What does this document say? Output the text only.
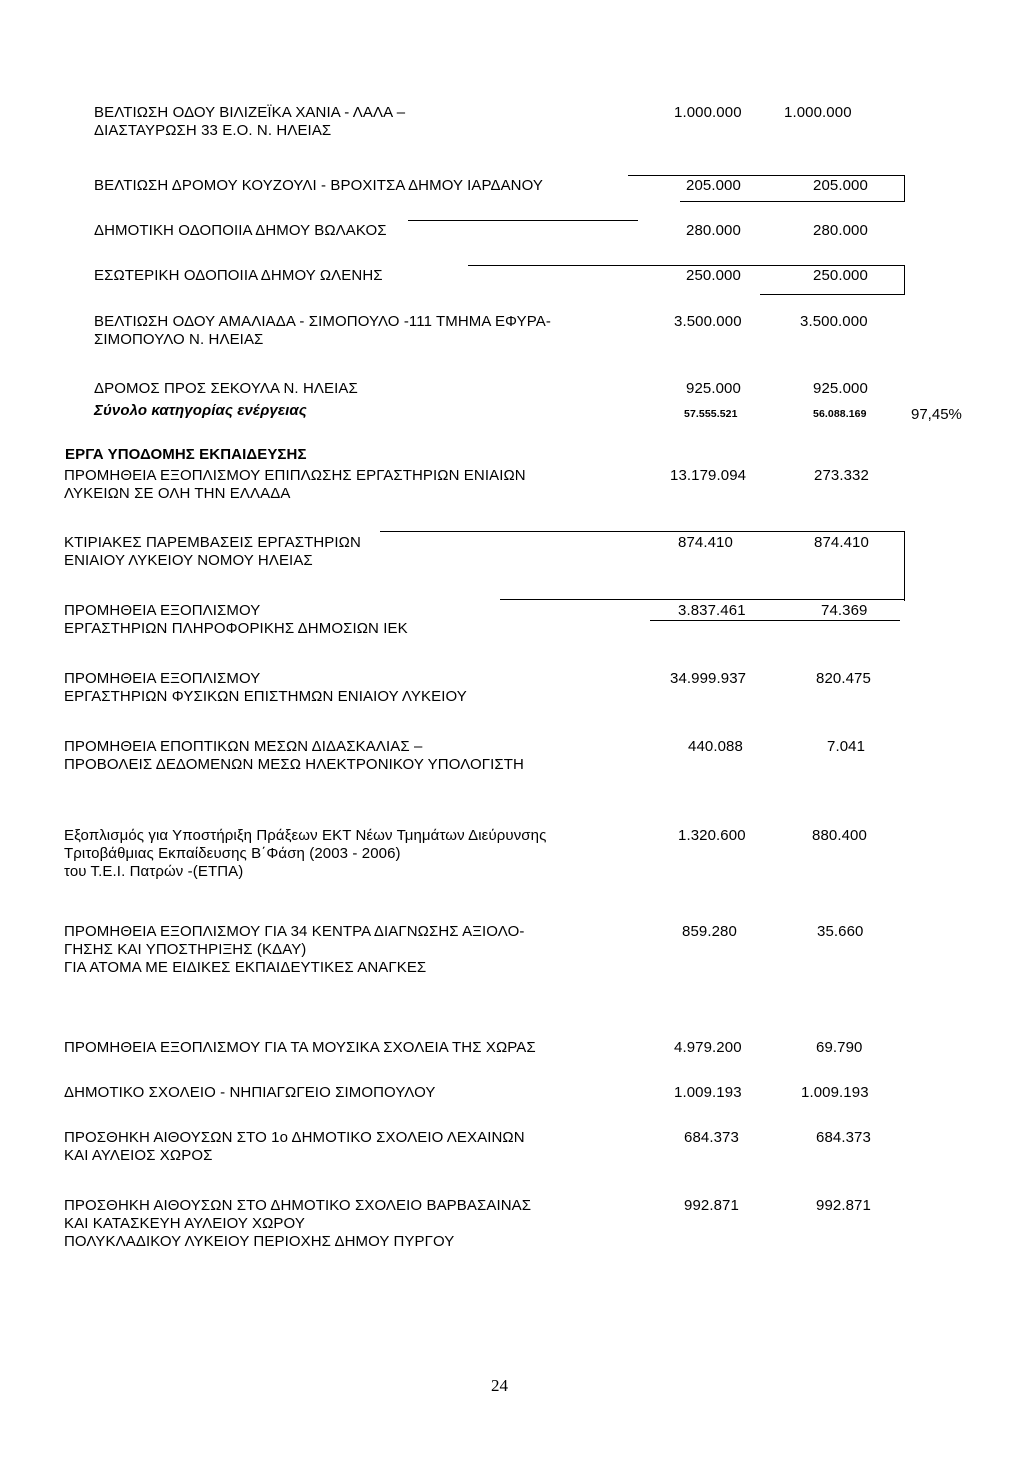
ΒΕΛΤΙΩΣΗ ΟΔΟΥ ΒΙΛΙΖΕΪΚΑ ΧΑΝΙΑ - ΛΑΛΑ –
ΔΙΑΣΤΑΥΡΩΣΗ 33 Ε.Ο. Ν. ΗΛΕΙΑΣ
1.000.000	1.000.000
ΒΕΛΤΙΩΣΗ ΔΡΟΜΟΥ ΚΟΥΖΟΥΛΙ - ΒΡΟΧΙΤΣΑ ΔΗΜΟΥ ΙΑΡΔΑΝΟΥ	205.000	205.000
ΔΗΜΟΤΙΚΗ ΟΔΟΠΟΙΙΑ ΔΗΜΟΥ ΒΩΛΑΚΟΣ	280.000	280.000
ΕΣΩΤΕΡΙΚΗ ΟΔΟΠΟΙΙΑ ΔΗΜΟΥ ΩΛΕΝΗΣ	250.000	250.000
ΒΕΛΤΙΩΣΗ ΟΔΟΥ ΑΜΑΛΙΑΔΑ - ΣΙΜΟΠΟΥΛΟ -111 ΤΜΗΜΑ ΕΦΥΡΑ-
ΣΙΜΟΠΟΥΛΟ Ν. ΗΛΕΙΑΣ
3.500.000	3.500.000
ΔΡΟΜΟΣ ΠΡΟΣ ΣΕΚΟΥΛΑ Ν. ΗΛΕΙΑΣ	925.000	925.000
Σύνολο κατηγορίας ενέργειας	57.555.521	56.088.169	97,45%
ΕΡΓΑ ΥΠΟΔΟΜΗΣ ΕΚΠΑΙΔΕΥΣΗΣ
ΠΡΟΜΗΘΕΙΑ ΕΞΟΠΛΙΣΜΟΥ ΕΠΙΠΛΩΣΗΣ ΕΡΓΑΣΤΗΡΙΩΝ ΕΝΙΑΙΩΝ
ΛΥΚΕΙΩΝ ΣΕ ΟΛΗ ΤΗΝ ΕΛΛΑΔΑ
13.179.094	273.332
ΚΤΙΡΙΑΚΕΣ ΠΑΡΕΜΒΑΣΕΙΣ ΕΡΓΑΣΤΗΡΙΩΝ
ΕΝΙΑΙΟΥ ΛΥΚΕΙΟΥ ΝΟΜΟΥ ΗΛΕΙΑΣ
874.410	874.410
ΠΡΟΜΗΘΕΙΑ ΕΞΟΠΛΙΣΜΟΥ
ΕΡΓΑΣΤΗΡΙΩΝ ΠΛΗΡΟΦΟΡΙΚΗΣ ΔΗΜΟΣΙΩΝ ΙΕΚ
3.837.461	74.369
ΠΡΟΜΗΘΕΙΑ ΕΞΟΠΛΙΣΜΟΥ
ΕΡΓΑΣΤΗΡΙΩΝ ΦΥΣΙΚΩΝ ΕΠΙΣΤΗΜΩΝ ΕΝΙΑΙΟΥ ΛΥΚΕΙΟΥ
34.999.937	820.475
ΠΡΟΜΗΘΕΙΑ ΕΠΟΠΤΙΚΩΝ ΜΕΣΩΝ ΔΙΔΑΣΚΑΛΙΑΣ –
ΠΡΟΒΟΛΕΙΣ ΔΕΔΟΜΕΝΩΝ ΜΕΣΩ ΗΛΕΚΤΡΟΝΙΚΟΥ ΥΠΟΛΟΓΙΣΤΗ
440.088	7.041
Εξοπλισμός για Υποστήριξη Πράξεων ΕΚΤ Νέων Τμημάτων Διεύρυνσης
Τριτοβάθμιας Εκπαίδευσης Β΄Φάση (2003 - 2006)
του Τ.Ε.Ι. Πατρών -(ΕΤΠΑ)
1.320.600	880.400
ΠΡΟΜΗΘΕΙΑ ΕΞΟΠΛΙΣΜΟΥ ΓΙΑ 34 ΚΕΝΤΡΑ ΔΙΑΓΝΩΣΗΣ ΑΞΙΟΛΟ-
ΓΗΣΗΣ ΚΑΙ ΥΠΟΣΤΗΡΙΞΗΣ (ΚΔΑΥ)
ΓΙΑ ΑΤΟΜΑ ΜΕ ΕΙΔΙΚΕΣ ΕΚΠΑΙΔΕΥΤΙΚΕΣ ΑΝΑΓΚΕΣ
859.280	35.660
ΠΡΟΜΗΘΕΙΑ ΕΞΟΠΛΙΣΜΟΥ ΓΙΑ ΤΑ ΜΟΥΣΙΚΑ ΣΧΟΛΕΙΑ ΤΗΣ ΧΩΡΑΣ	4.979.200	69.790
ΔΗΜΟΤΙΚΟ ΣΧΟΛΕΙΟ - ΝΗΠΙΑΓΩΓΕΙΟ ΣΙΜΟΠΟΥΛΟΥ	1.009.193	1.009.193
ΠΡΟΣΘΗΚΗ ΑΙΘΟΥΣΩΝ ΣΤΟ 1ο ΔΗΜΟΤΙΚΟ ΣΧΟΛΕΙΟ ΛΕΧΑΙΝΩΝ
ΚΑΙ ΑΥΛΕΙΟΣ ΧΩΡΟΣ
684.373	684.373
ΠΡΟΣΘΗΚΗ ΑΙΘΟΥΣΩΝ ΣΤΟ ΔΗΜΟΤΙΚΟ ΣΧΟΛΕΙΟ ΒΑΡΒΑΣΑΙΝΑΣ
ΚΑΙ ΚΑΤΑΣΚΕΥΗ ΑΥΛΕΙΟΥ ΧΩΡΟΥ
ΠΟΛΥΚΛΑΔΙΚΟΥ ΛΥΚΕΙΟΥ ΠΕΡΙΟΧΗΣ ΔΗΜΟΥ ΠΥΡΓΟΥ
992.871	992.871
24
